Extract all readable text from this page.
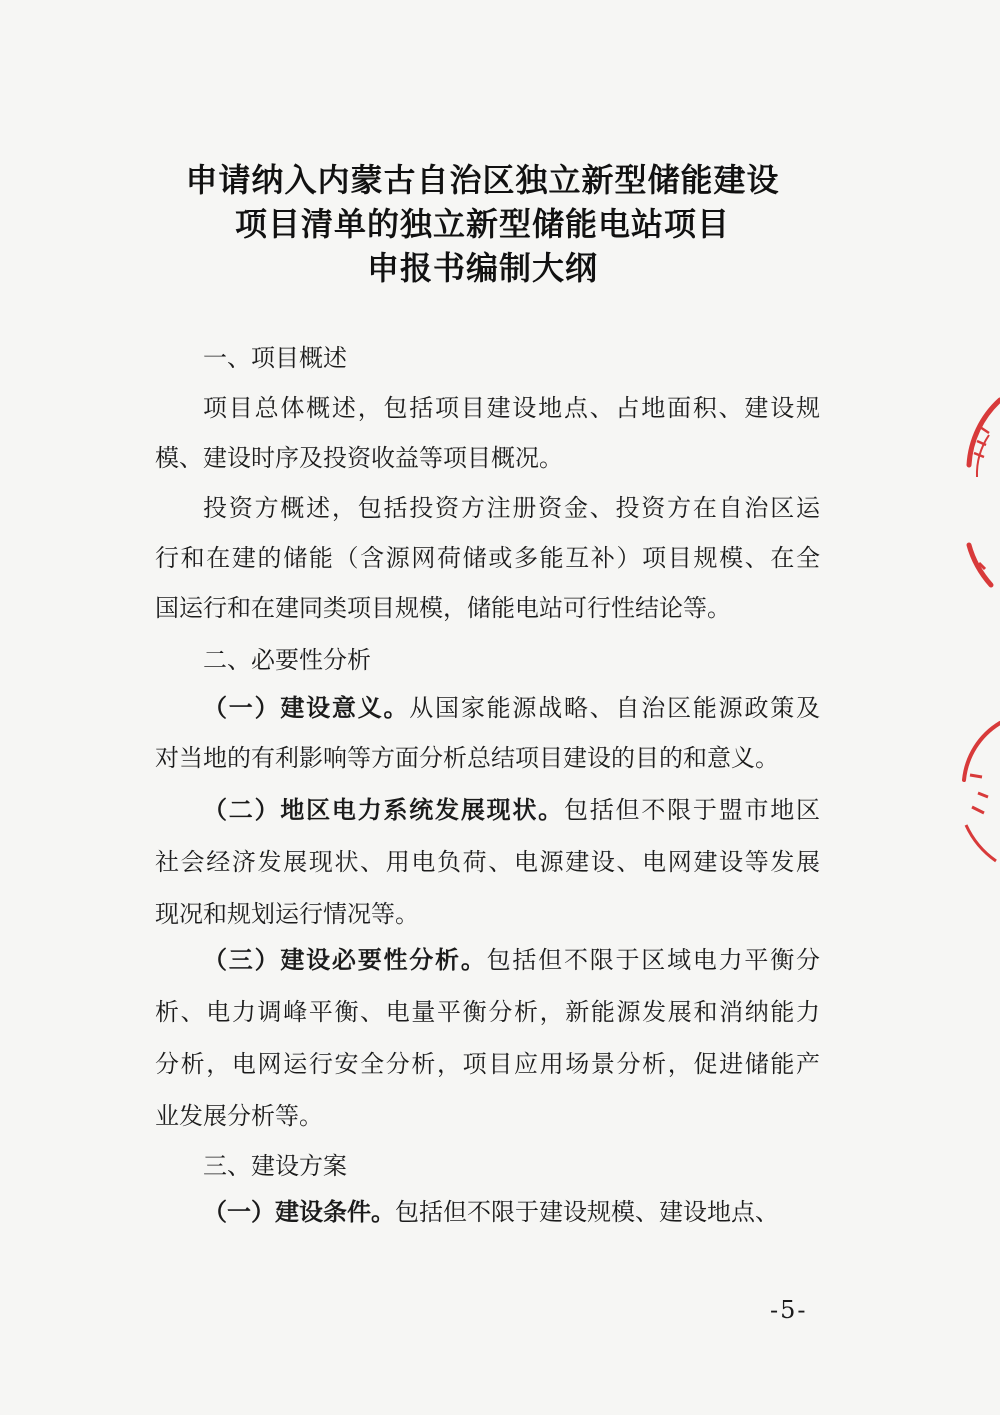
申请纳入内蒙古自治区独立新型储能建设
项目清单的独立新型储能电站项目
申报书编制大纲
一、项目概述
项目总体概述，包括项目建设地点、占地面积、建设规
模、建设时序及投资收益等项目概况。
投资方概述，包括投资方注册资金、投资方在自治区运
行和在建的储能（含源网荷储或多能互补）项目规模、在全
国运行和在建同类项目规模，储能电站可行性结论等。
二、必要性分析
（一）建设意义。从国家能源战略、自治区能源政策及
对当地的有利影响等方面分析总结项目建设的目的和意义。
（二）地区电力系统发展现状。包括但不限于盟市地区
社会经济发展现状、用电负荷、电源建设、电网建设等发展
现况和规划运行情况等。
（三）建设必要性分析。包括但不限于区域电力平衡分
析、电力调峰平衡、电量平衡分析，新能源发展和消纳能力
分析，电网运行安全分析，项目应用场景分析，促进储能产
业发展分析等。
三、建设方案
（一）建设条件。包括但不限于建设规模、建设地点、
-5-
